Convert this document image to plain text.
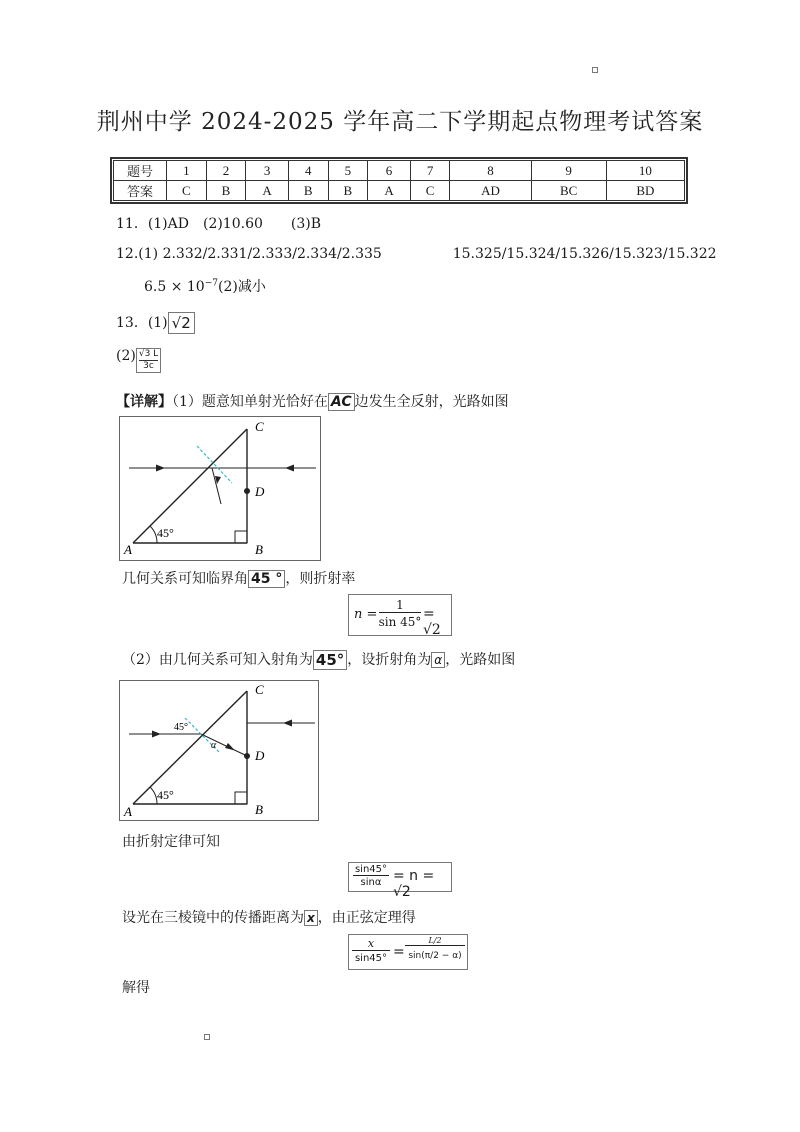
荆州中学 2024-2025 学年高二下学期起点物理考试答案
题号	1	2	3	4	5	6	7	8	9	10
答案	C	B	A	B	B	A	C	AD	BC	BD
11．(1)AD　(2)10.60　　(3)B
12.(1) 2.332/2.331/2.333/2.334/2.335	15.325/15.324/15.326/15.323/15.322
$6.5 \times 10^{-7}(2)$减小
13．(1) √2
$(2) \frac{√3 L}{3c}$
【详解】（1）题意知单射光恰好在 AC 边发生全反射，光路如图
C
D
A	B
45°
几何关系可知临界角 45 ° ，则折射率
n =
1
sin 45° = √2
（2）由几何关系可知入射角为 45° ，设折射角为 α ，光路如图
C
D
A	B
45°
45°
α
由折射定律可知
sin45°
sinα = n = √2
设光在三棱镜中的传播距离为 x ，由正弦定理得
x
sin45° =
L/2
sin(π/2 − α)
解得
